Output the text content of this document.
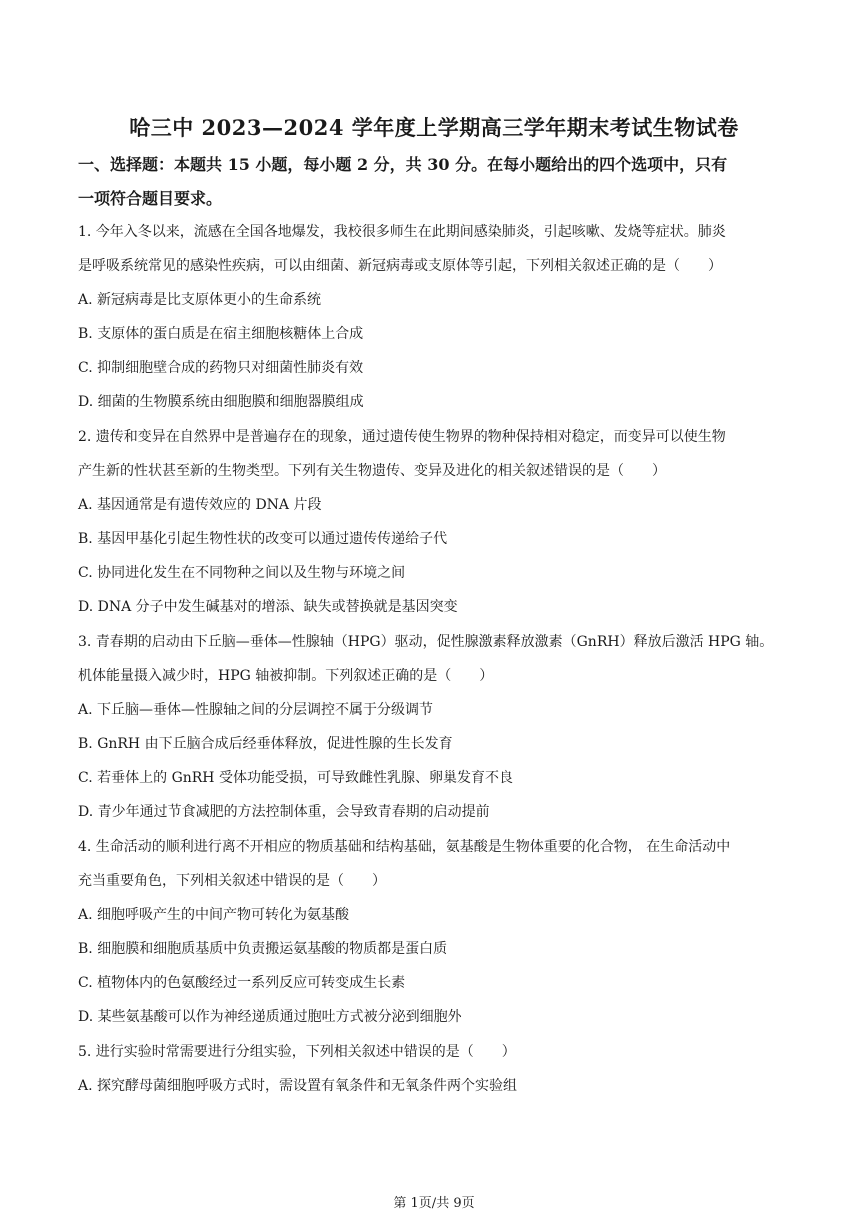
哈三中 2023—2024 学年度上学期高三学年期末考试生物试卷
一、选择题：本题共 15 小题，每小题 2 分，共 30 分。在每小题给出的四个选项中，只有
一项符合题目要求。
1. 今年入冬以来，流感在全国各地爆发，我校很多师生在此期间感染肺炎，引起咳嗽、发烧等症状。肺炎
是呼吸系统常见的感染性疾病，可以由细菌、新冠病毒或支原体等引起，下列相关叙述正确的是（　　）
A. 新冠病毒是比支原体更小的生命系统
B. 支原体的蛋白质是在宿主细胞核糖体上合成
C. 抑制细胞壁合成的药物只对细菌性肺炎有效
D. 细菌的生物膜系统由细胞膜和细胞器膜组成
2. 遗传和变异在自然界中是普遍存在的现象，通过遗传使生物界的物种保持相对稳定，而变异可以使生物
产生新的性状甚至新的生物类型。下列有关生物遗传、变异及进化的相关叙述错误的是（　　）
A. 基因通常是有遗传效应的 DNA 片段
B. 基因甲基化引起生物性状的改变可以通过遗传传递给子代
C. 协同进化发生在不同物种之间以及生物与环境之间
D. DNA 分子中发生碱基对的增添、缺失或替换就是基因突变
3. 青春期的启动由下丘脑—垂体—性腺轴（HPG）驱动，促性腺激素释放激素（GnRH）释放后激活 HPG 轴。
机体能量摄入减少时，HPG 轴被抑制。下列叙述正确的是（　　）
A. 下丘脑—垂体—性腺轴之间的分层调控不属于分级调节
B. GnRH 由下丘脑合成后经垂体释放，促进性腺的生长发育
C. 若垂体上的 GnRH 受体功能受损，可导致雌性乳腺、卵巢发育不良
D. 青少年通过节食减肥的方法控制体重，会导致青春期的启动提前
4. 生命活动的顺利进行离不开相应的物质基础和结构基础，氨基酸是生物体重要的化合物， 在生命活动中
充当重要角色，下列相关叙述中错误的是（　　）
A. 细胞呼吸产生的中间产物可转化为氨基酸
B. 细胞膜和细胞质基质中负责搬运氨基酸的物质都是蛋白质
C. 植物体内的色氨酸经过一系列反应可转变成生长素
D. 某些氨基酸可以作为神经递质通过胞吐方式被分泌到细胞外
5. 进行实验时常需要进行分组实验，下列相关叙述中错误的是（　　）
A. 探究酵母菌细胞呼吸方式时，需设置有氧条件和无氧条件两个实验组
第 1页/共 9页
